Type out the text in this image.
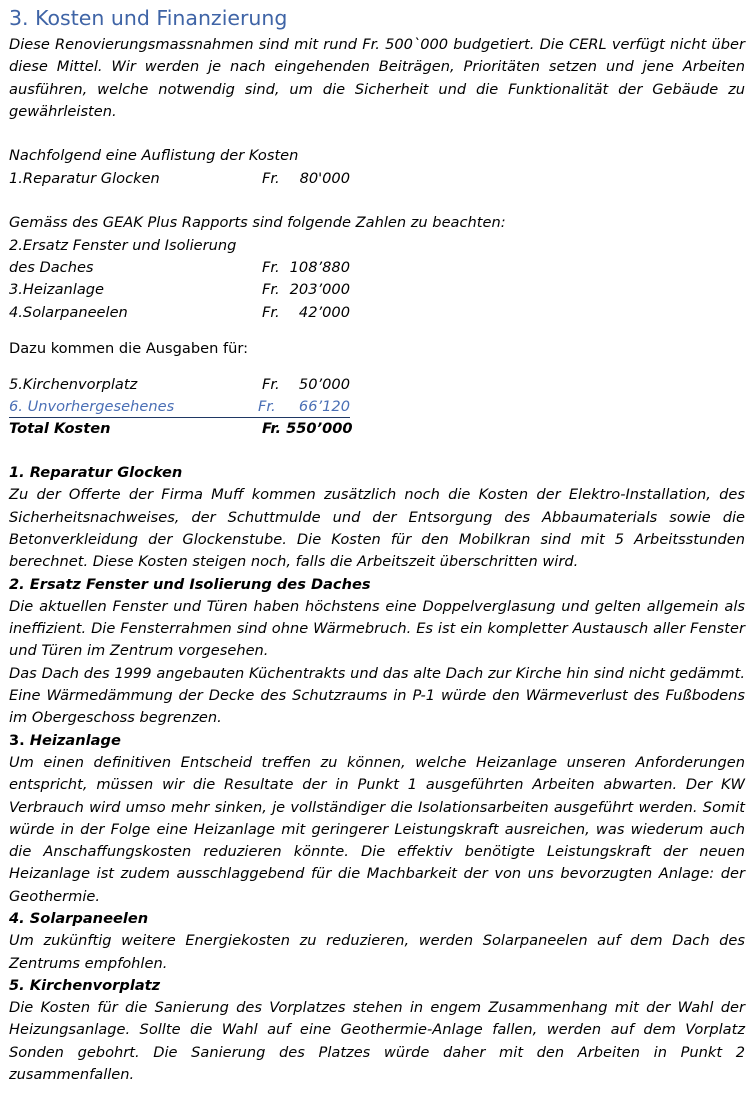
3. Kosten und Finanzierung
Diese Renovierungsmassnahmen sind mit rund Fr. 500`000 budgetiert. Die CERL verfügt nicht über diese Mittel. Wir werden je nach eingehenden Beiträgen, Prioritäten setzen und jene Arbeiten ausführen, welche notwendig sind, um die Sicherheit und die Funktionalität der Gebäude zu gewährleisten.
Nachfolgend eine Auflistung der Kosten
1.Reparatur Glocken	Fr. 80'000
Gemäss des GEAK Plus Rapports sind folgende Zahlen zu beachten:
2.Ersatz Fenster und Isolierung
des Daches	Fr. 108’880
3.Heizanlage	Fr. 203’000
4.Solarpaneelen	Fr. 42’000
Dazu kommen die Ausgaben für:
5.Kirchenvorplatz	Fr. 50’000
6. Unvorhergesehenes	Fr. 66’120
Total Kosten	Fr. 550’000
1. Reparatur Glocken
Zu der Offerte der Firma Muff kommen zusätzlich noch die Kosten der Elektro-Installation, des Sicherheitsnachweises, der Schuttmulde und der Entsorgung des Abbaumaterials sowie die Betonverkleidung der Glockenstube. Die Kosten für den Mobilkran sind mit 5 Arbeitsstunden berechnet. Diese Kosten steigen noch, falls die Arbeitszeit überschritten wird.
2. Ersatz Fenster und Isolierung des Daches
Die aktuellen Fenster und Türen haben höchstens eine Doppelverglasung und gelten allgemein als ineffizient. Die Fensterrahmen sind ohne Wärmebruch. Es ist ein kompletter Austausch aller Fenster und Türen im Zentrum vorgesehen.
Das Dach des 1999 angebauten Küchentrakts und das alte Dach zur Kirche hin sind nicht gedämmt. Eine Wärmedämmung der Decke des Schutzraums in P-1 würde den Wärmeverlust des Fußbodens im Obergeschoss begrenzen.
3. Heizanlage
Um einen definitiven Entscheid treffen zu können, welche Heizanlage unseren Anforderungen entspricht, müssen wir die Resultate der in Punkt 1 ausgeführten Arbeiten abwarten. Der KW Verbrauch wird umso mehr sinken, je vollständiger die Isolationsarbeiten ausgeführt werden. Somit würde in der Folge eine Heizanlage mit geringerer Leistungskraft ausreichen, was wiederum auch die Anschaffungskosten reduzieren könnte. Die effektiv benötigte Leistungskraft der neuen Heizanlage ist zudem ausschlaggebend für die Machbarkeit der von uns bevorzugten Anlage: der Geothermie.
4. Solarpaneelen
Um zukünftig weitere Energiekosten zu reduzieren, werden Solarpaneelen auf dem Dach des Zentrums empfohlen.
5. Kirchenvorplatz
Die Kosten für die Sanierung des Vorplatzes stehen in engem Zusammenhang mit der Wahl der Heizungsanlage. Sollte die Wahl auf eine Geothermie-Anlage fallen, werden auf dem Vorplatz Sonden gebohrt. Die Sanierung des Platzes würde daher mit den Arbeiten in Punkt 2 zusammenfallen.
